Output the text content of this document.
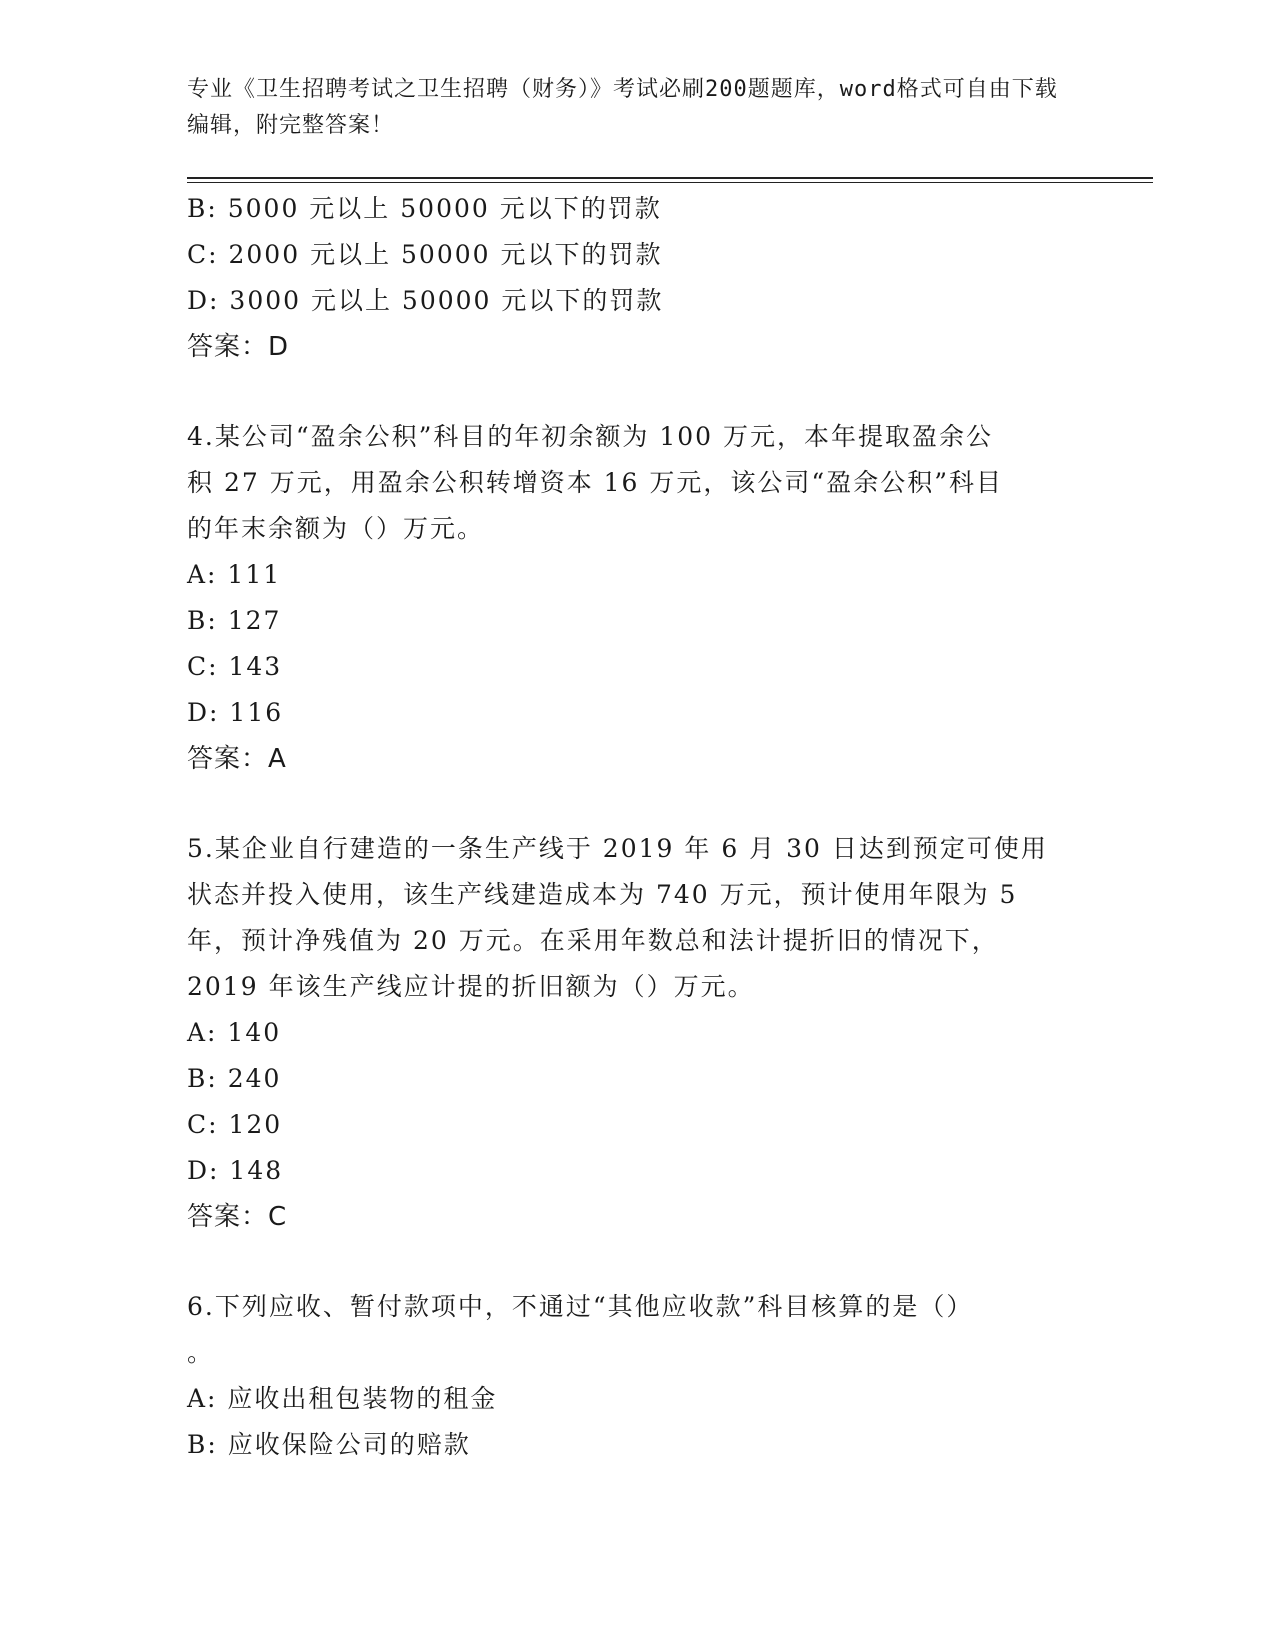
专业《卫生招聘考试之卫生招聘（财务）》考试必刷200题题库，word格式可自由下载编辑，附完整答案！
B: 5000 元以上 50000 元以下的罚款
C: 2000 元以上 50000 元以下的罚款
D: 3000 元以上 50000 元以下的罚款
答案：D
4.某公司“盈余公积”科目的年初余额为 100 万元，本年提取盈余公
积 27 万元，用盈余公积转增资本 16 万元，该公司“盈余公积”科目
的年末余额为（）万元。
A: 111
B: 127
C: 143
D: 116
答案：A
5.某企业自行建造的一条生产线于 2019 年 6 月 30 日达到预定可使用
状态并投入使用，该生产线建造成本为 740 万元，预计使用年限为 5
年，预计净残值为 20 万元。在采用年数总和法计提折旧的情况下，
2019 年该生产线应计提的折旧额为（）万元。
A: 140
B: 240
C: 120
D: 148
答案：C
6.下列应收、暂付款项中，不通过“其他应收款”科目核算的是（）
。
A: 应收出租包装物的租金
B: 应收保险公司的赔款
